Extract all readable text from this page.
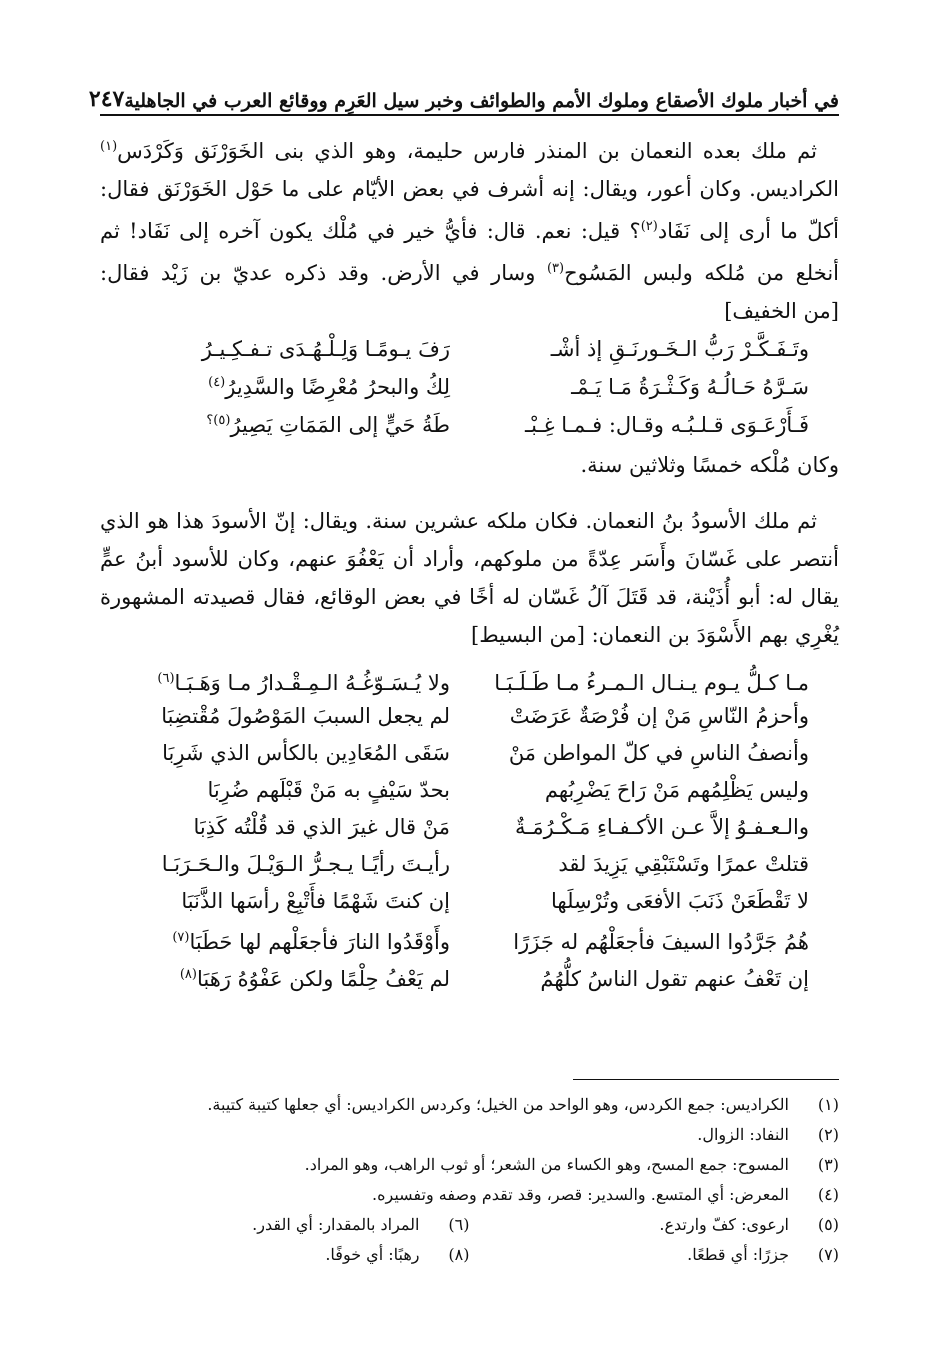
في أخبار ملوك الأصقاع وملوك الأمم والطوائف وخبر سيل العَرِم ووقائع العرب في الجاهلية
٢٤٧

ثم ملك بعده النعمان بن المنذر فارس حليمة، وهو الذي بنى الخَوَرْنَق وَكَرْدَس$^{(١)}$ الكراديس. وكان أعور، ويقال: إنه أشرف في بعض الأيّام على ما حَوْل الخَوَرْنَق فقال: أكلّ ما أرى إلى نَفَاد$^{(٢)}$؟ قيل: نعم. قال: فأيُّ خير في مُلْك يكون آخره إلى نَفَاد! ثم أنخلع من مُلكه ولبس المَسُوح$^{(٣)}$ وسار في الأرض. وقد ذكره عديّ بن زَيْد فقال: [من الخفيف]

وتَـفَـكَّـرْ رَبُّ الـخَـورنَـقِ إذ أشْـ
رَفَ يـومًـا وَلِـلْـهُـدَى تـفـكِـيـرُ
سَـرَّهُ حَـالُـهُ وَكَـثْـرَةُ مَـا يَـمْـ
لِكُ والبحرُ مُعْرِضًا والسَّدِيرُ$^{(٤)}$
فَـأَرْعَـوَى قـلـبُـه وقـال: فـمـا غِـبْـ
طَةُ حَيٍّ إلى المَمَاتِ يَصِيرُ$^{(٥)؟}$
وكان مُلْكه خمسًا وثلاثين سنة.

ثم ملك الأسودُ بنُ النعمان. فكان ملكه عشرين سنة. ويقال: إنّ الأسودَ هذا هو الذي أنتصر على غَسّانَ وأَسَر عِدّةً من ملوكهم، وأراد أن يَعْفُوَ عنهم، وكان للأسود أبنُ عمٍّ يقال له: أبو أُذَيْنة، قد قَتَلَ آلُ غَسّان له أخًا في بعض الوقائع، فقال قصيدته المشهورة يُغْرِي بهم الأَسْوَدَ بن النعمان: [من البسيط]

مـا كـلُّ يـوم يـنـال الـمـرءُ مـا طَـلَـبَـا
ولا يُـسَـوّغُـهُ الـمِـقْـدارُ مـا وَهَـبَـا$^{(٦)}$
وأحزمُ النّاسِ مَنْ إن فُرْصَةٌ عَرَضَتْ
لم يجعل السببَ المَوْصُولَ مُقْتضِبَا
وأنصفُ الناسِ في كلّ المواطن مَنْ
سَقَى المُعَادِين بالكأس الذي شَرِبَا
وليس يَظْلِمُهم مَنْ رَاحَ يَضْرِبُهم
بحدّ سَيْفٍ به مَنْ قَبْلَهم ضُرِبَا
والـعـفـوُ إلاَّ عـن الأكـفـاءِ مَـكْـرُمَـةٌ
مَنْ قال غيرَ الذي قد قُلْتُه كَذِبَا
قتلتْ عمرًا وتَسْتَبْقِي يَزِيدَ لقد
رأيـتَ رأيًـا يـجـرُّ الـوَيْـلَ والـحَـرَبَـا
لا تَقْطَعَنْ ذَنَبَ الأفعَى وتُرْسِلَها
إن كنتَ شَهْمًا فأَتْبِعْ رأسَها الذَّنَبَا
هُمُ جَرَّدُوا السيفَ فأجعَلْهُم له جَزَرًا
وأَوْقَدُوا النارَ فأجعَلْهم لها حَطَبَا$^{(٧)}$
إن تَعْفُ عنهم تقول الناسُ كلُّهُمُ
لم يَعْفُ حِلْمًا ولكن عَفْوُهُ رَهَبَا$^{(٨)}$
(١)
الكراديس: جمع الكردس، وهو الواحد من الخيل؛ وكردس الكراديس: أي جعلها كتيبة كتيبة.
(٢)
النفاد: الزوال.
(٣)
المسوح: جمع المسح، وهو الكساء من الشعر؛ أو ثوب الراهب، وهو المراد.
(٤)
المعرض: أي المتسع. والسدير: قصر، وقد تقدم وصفه وتفسيره.
(٥)
ارعوى: كفّ وارتدع.
(٦)
المراد بالمقدار: أي القدر.
(٧)
جزرًا: أي قطعًا.
(٨)
رهبًا: أي خوفًا.
